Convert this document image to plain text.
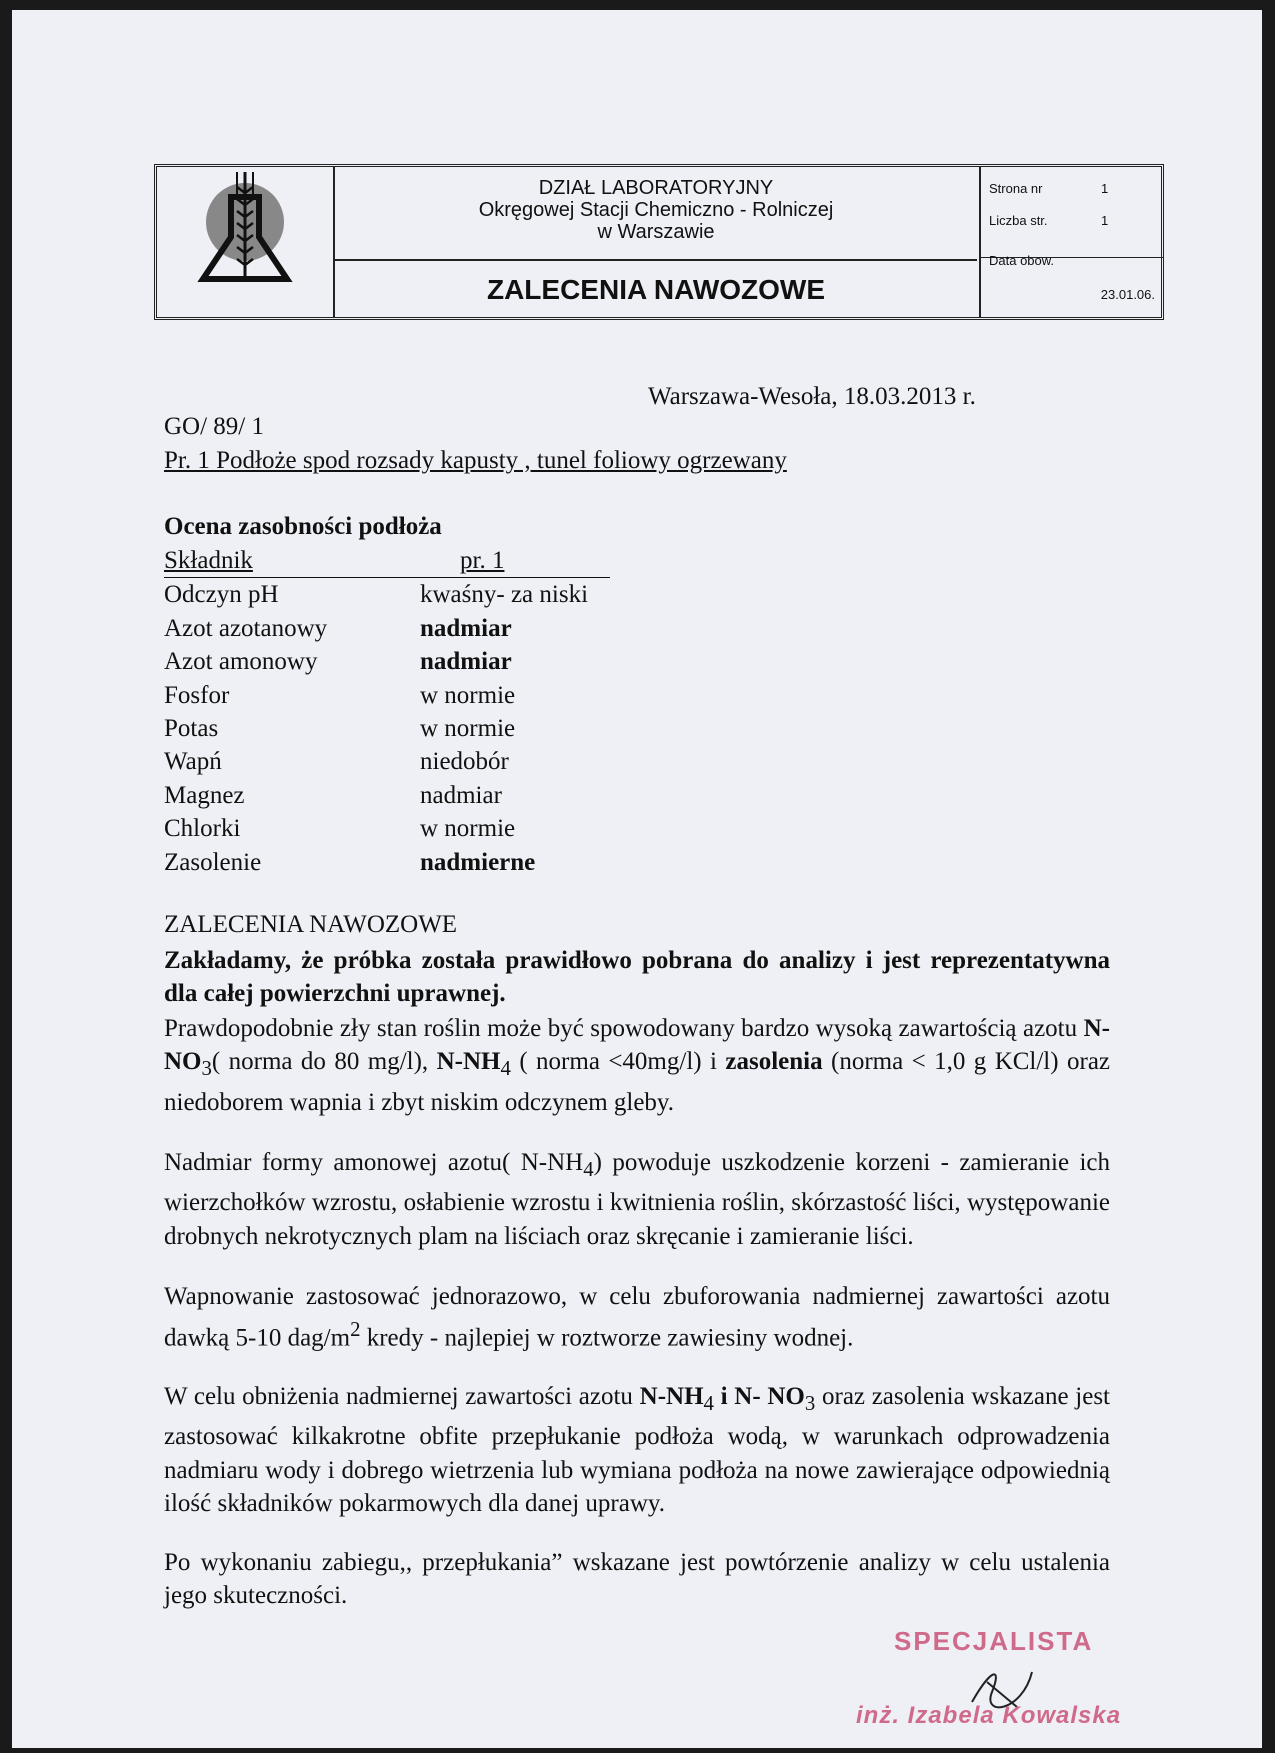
DZIAŁ LABORATORYJNY
Okręgowej Stacji Chemiczno - Rolniczej
w Warszawie
ZALECENIA NAWOZOWE
Strona nr	1
Liczba str.	1
Data obow.
23.01.06.
Warszawa-Wesoła, 18.03.2013 r.
GO/ 89/ 1
Pr. 1 Podłoże spod rozsady kapusty , tunel foliowy ogrzewany
Ocena zasobności podłoża
Składnik	pr. 1
Odczyn pH	kwaśny- za niski
Azot azotanowy	nadmiar
Azot amonowy	nadmiar
Fosfor	w normie
Potas	w normie
Wapń	niedobór
Magnez	nadmiar
Chlorki	w normie
Zasolenie	nadmierne
ZALECENIA NAWOZOWE
Zakładamy, że próbka została prawidłowo pobrana do analizy i jest reprezentatywna dla całej powierzchni uprawnej.
Prawdopodobnie zły stan roślin może być spowodowany bardzo wysoką zawartością azotu N- $NO_3$( norma do 80 mg/l), $N-NH_4$ ( norma <40mg/l) i zasolenia (norma < 1,0 g KCl/l) oraz niedoborem wapnia i zbyt niskim odczynem gleby.
Nadmiar formy amonowej azotu( $N-NH_4$) powoduje uszkodzenie korzeni - zamieranie ich wierzchołków wzrostu, osłabienie wzrostu i kwitnienia roślin, skórzastość liści, występowanie drobnych nekrotycznych plam na liściach oraz skręcanie i zamieranie liści.
Wapnowanie zastosować jednorazowo, w celu zbuforowania nadmiernej zawartości azotu dawką 5-10 dag/$m^2$ kredy - najlepiej w roztworze zawiesiny wodnej.
W celu obniżenia nadmiernej zawartości azotu $N-NH_4$ i N- $NO_3$ oraz zasolenia wskazane jest zastosować kilkakrotne obfite przepłukanie podłoża wodą, w warunkach odprowadzenia nadmiaru wody i dobrego wietrzenia lub wymiana podłoża na nowe zawierające odpowiednią ilość składników pokarmowych dla danej uprawy.
Po wykonaniu zabiegu,, przepłukania” wskazane jest powtórzenie analizy w celu ustalenia jego skuteczności.
SPECJALISTA
inż. Izabela Kowalska
